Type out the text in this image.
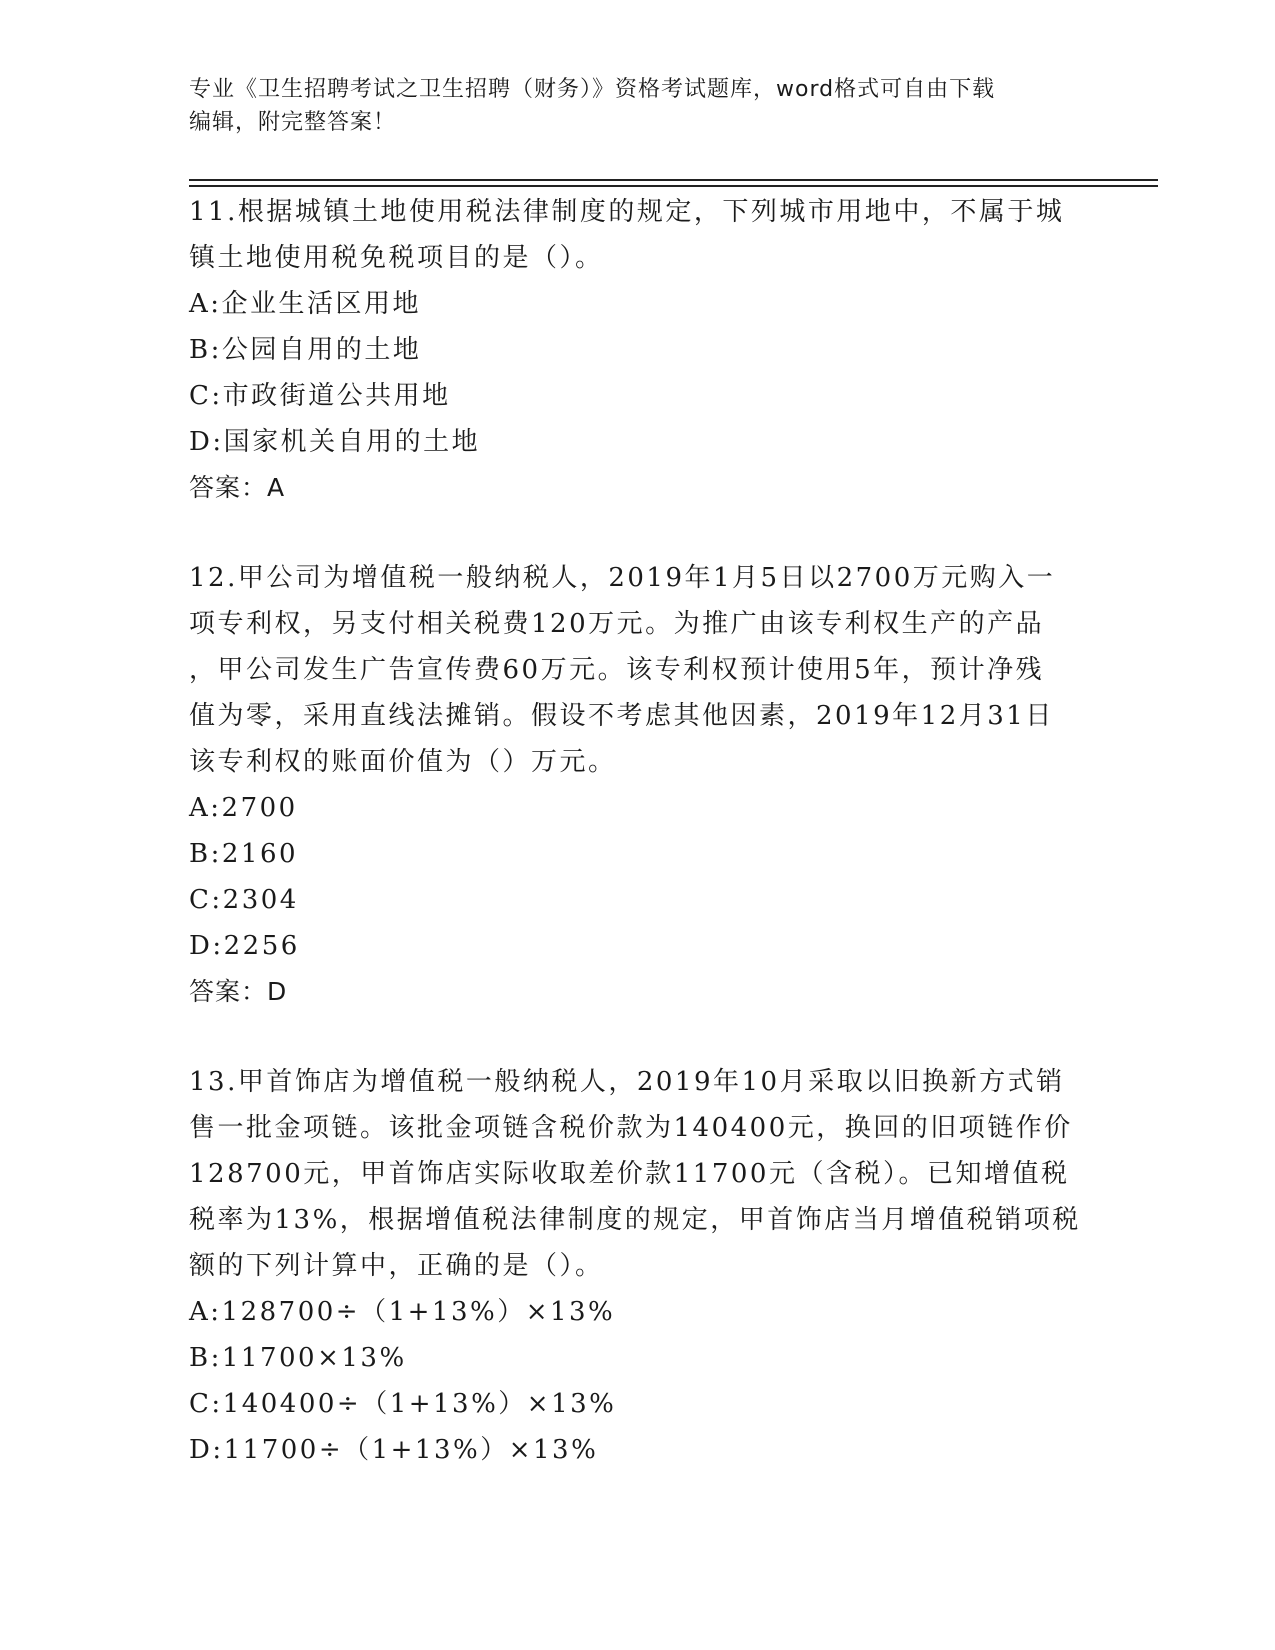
专业《卫生招聘考试之卫生招聘（财务）》资格考试题库，word格式可自由下载
编辑，附完整答案！
11.根据城镇土地使用税法律制度的规定，下列城市用地中，不属于城
镇土地使用税免税项目的是（）。
A:企业生活区用地
B:公园自用的土地
C:市政街道公共用地
D:国家机关自用的土地
答案：A
12.甲公司为增值税一般纳税人，2019年1月5日以2700万元购入一
项专利权，另支付相关税费120万元。为推广由该专利权生产的产品
，甲公司发生广告宣传费60万元。该专利权预计使用5年，预计净残
值为零，采用直线法摊销。假设不考虑其他因素，2019年12月31日
该专利权的账面价值为（）万元。
A:2700
B:2160
C:2304
D:2256
答案：D
13.甲首饰店为增值税一般纳税人，2019年10月采取以旧换新方式销
售一批金项链。该批金项链含税价款为140400元，换回的旧项链作价
128700元，甲首饰店实际收取差价款11700元（含税）。已知增值税
税率为13%，根据增值税法律制度的规定，甲首饰店当月增值税销项税
额的下列计算中，正确的是（）。
A:128700÷（1+13%）×13%
B:11700×13%
C:140400÷（1+13%）×13%
D:11700÷（1+13%）×13%
